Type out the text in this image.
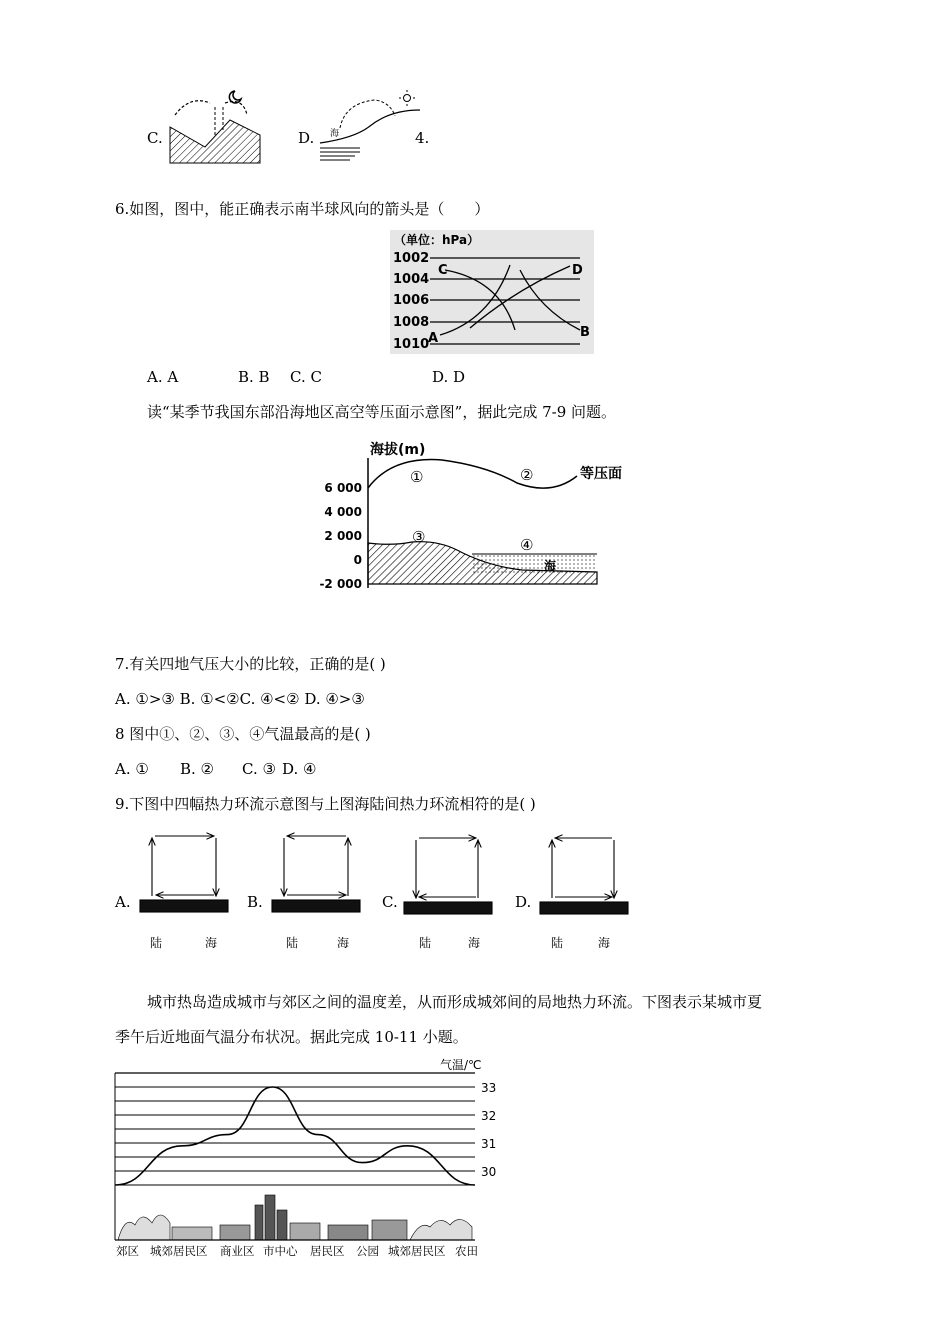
C.	D. 海	4.
6.如图，图中，能正确表示南半球风向的箭头是（　　）
（单位：hPa）
1002
1004
1006
1008
1010
A	B
C	D
A. A	B. B C. C	D. D
读“某季节我国东部沿海地区高空等压面示意图”，据此完成 7-9 问题。
海拔(m)
6 000
4 000
2 000
0
-2 000
①	②
③	④
等压面
海
7.有关四地气压大小的比较，正确的是( )
A. ①>③ B. ①<②C. ④<② D. ④>③
8 图中①、②、③、④气温最高的是( )
A. ① B. ② C. ③ D. ④
9.下图中四幅热力环流示意图与上图海陆间热力环流相符的是( )
A.	B.	C.	D.
陆	海	陆	海	陆	海	陆	海
城市热岛造成城市与郊区之间的温度差，从而形成城郊间的局地热力环流。下图表示某城市夏
季午后近地面气温分布状况。据此完成 10-11 小题。
气温/℃
33
32
31
30
郊区 城郊居民区 商业区 市中心 居民区 公园 城郊居民区 农田
